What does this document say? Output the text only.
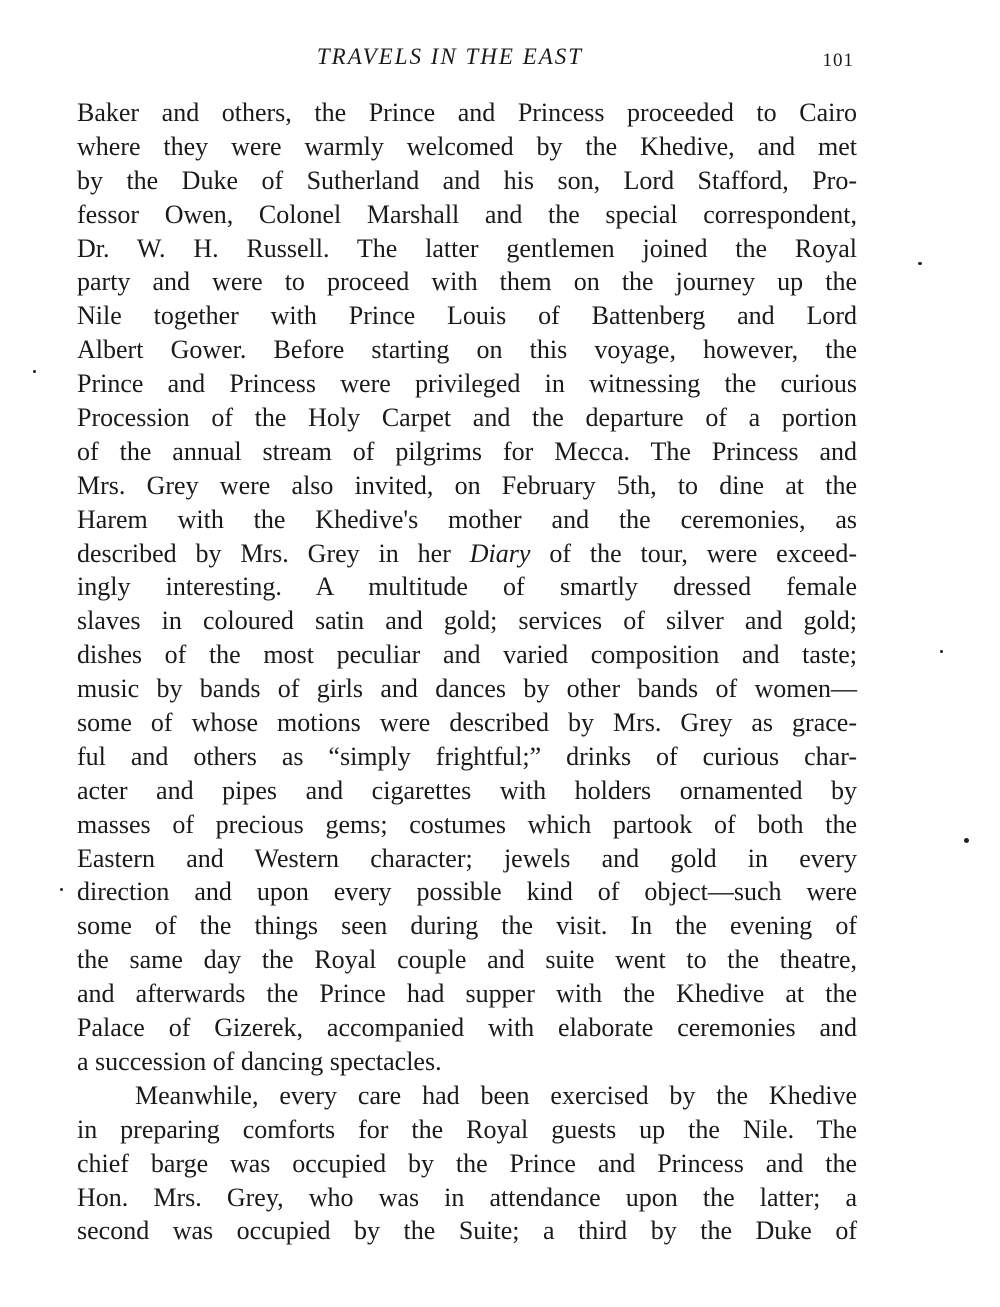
TRAVELS IN THE EAST	101
Baker and others, the Prince and Princess proceeded to Cairo
where they were warmly welcomed by the Khedive, and met
by the Duke of Sutherland and his son, Lord Stafford, Pro-
fessor Owen, Colonel Marshall and the special correspondent,
Dr. W. H. Russell. The latter gentlemen joined the Royal
party and were to proceed with them on the journey up the
Nile together with Prince Louis of Battenberg and Lord
Albert Gower. Before starting on this voyage, however, the
Prince and Princess were privileged in witnessing the curious
Procession of the Holy Carpet and the departure of a portion
of the annual stream of pilgrims for Mecca. The Princess and
Mrs. Grey were also invited, on February 5th, to dine at the
Harem with the Khedive's mother and the ceremonies, as
described by Mrs. Grey in her Diary of the tour, were exceed-
ingly interesting. A multitude of smartly dressed female
slaves in coloured satin and gold; services of silver and gold;
dishes of the most peculiar and varied composition and taste;
music by bands of girls and dances by other bands of women—
some of whose motions were described by Mrs. Grey as grace-
ful and others as “simply frightful;” drinks of curious char-
acter and pipes and cigarettes with holders ornamented by
masses of precious gems; costumes which partook of both the
Eastern and Western character; jewels and gold in every
direction and upon every possible kind of object—such were
some of the things seen during the visit. In the evening of
the same day the Royal couple and suite went to the theatre,
and afterwards the Prince had supper with the Khedive at the
Palace of Gizerek, accompanied with elaborate ceremonies and
a succession of dancing spectacles.
Meanwhile, every care had been exercised by the Khedive
in preparing comforts for the Royal guests up the Nile. The
chief barge was occupied by the Prince and Princess and the
Hon. Mrs. Grey, who was in attendance upon the latter; a
second was occupied by the Suite; a third by the Duke of
